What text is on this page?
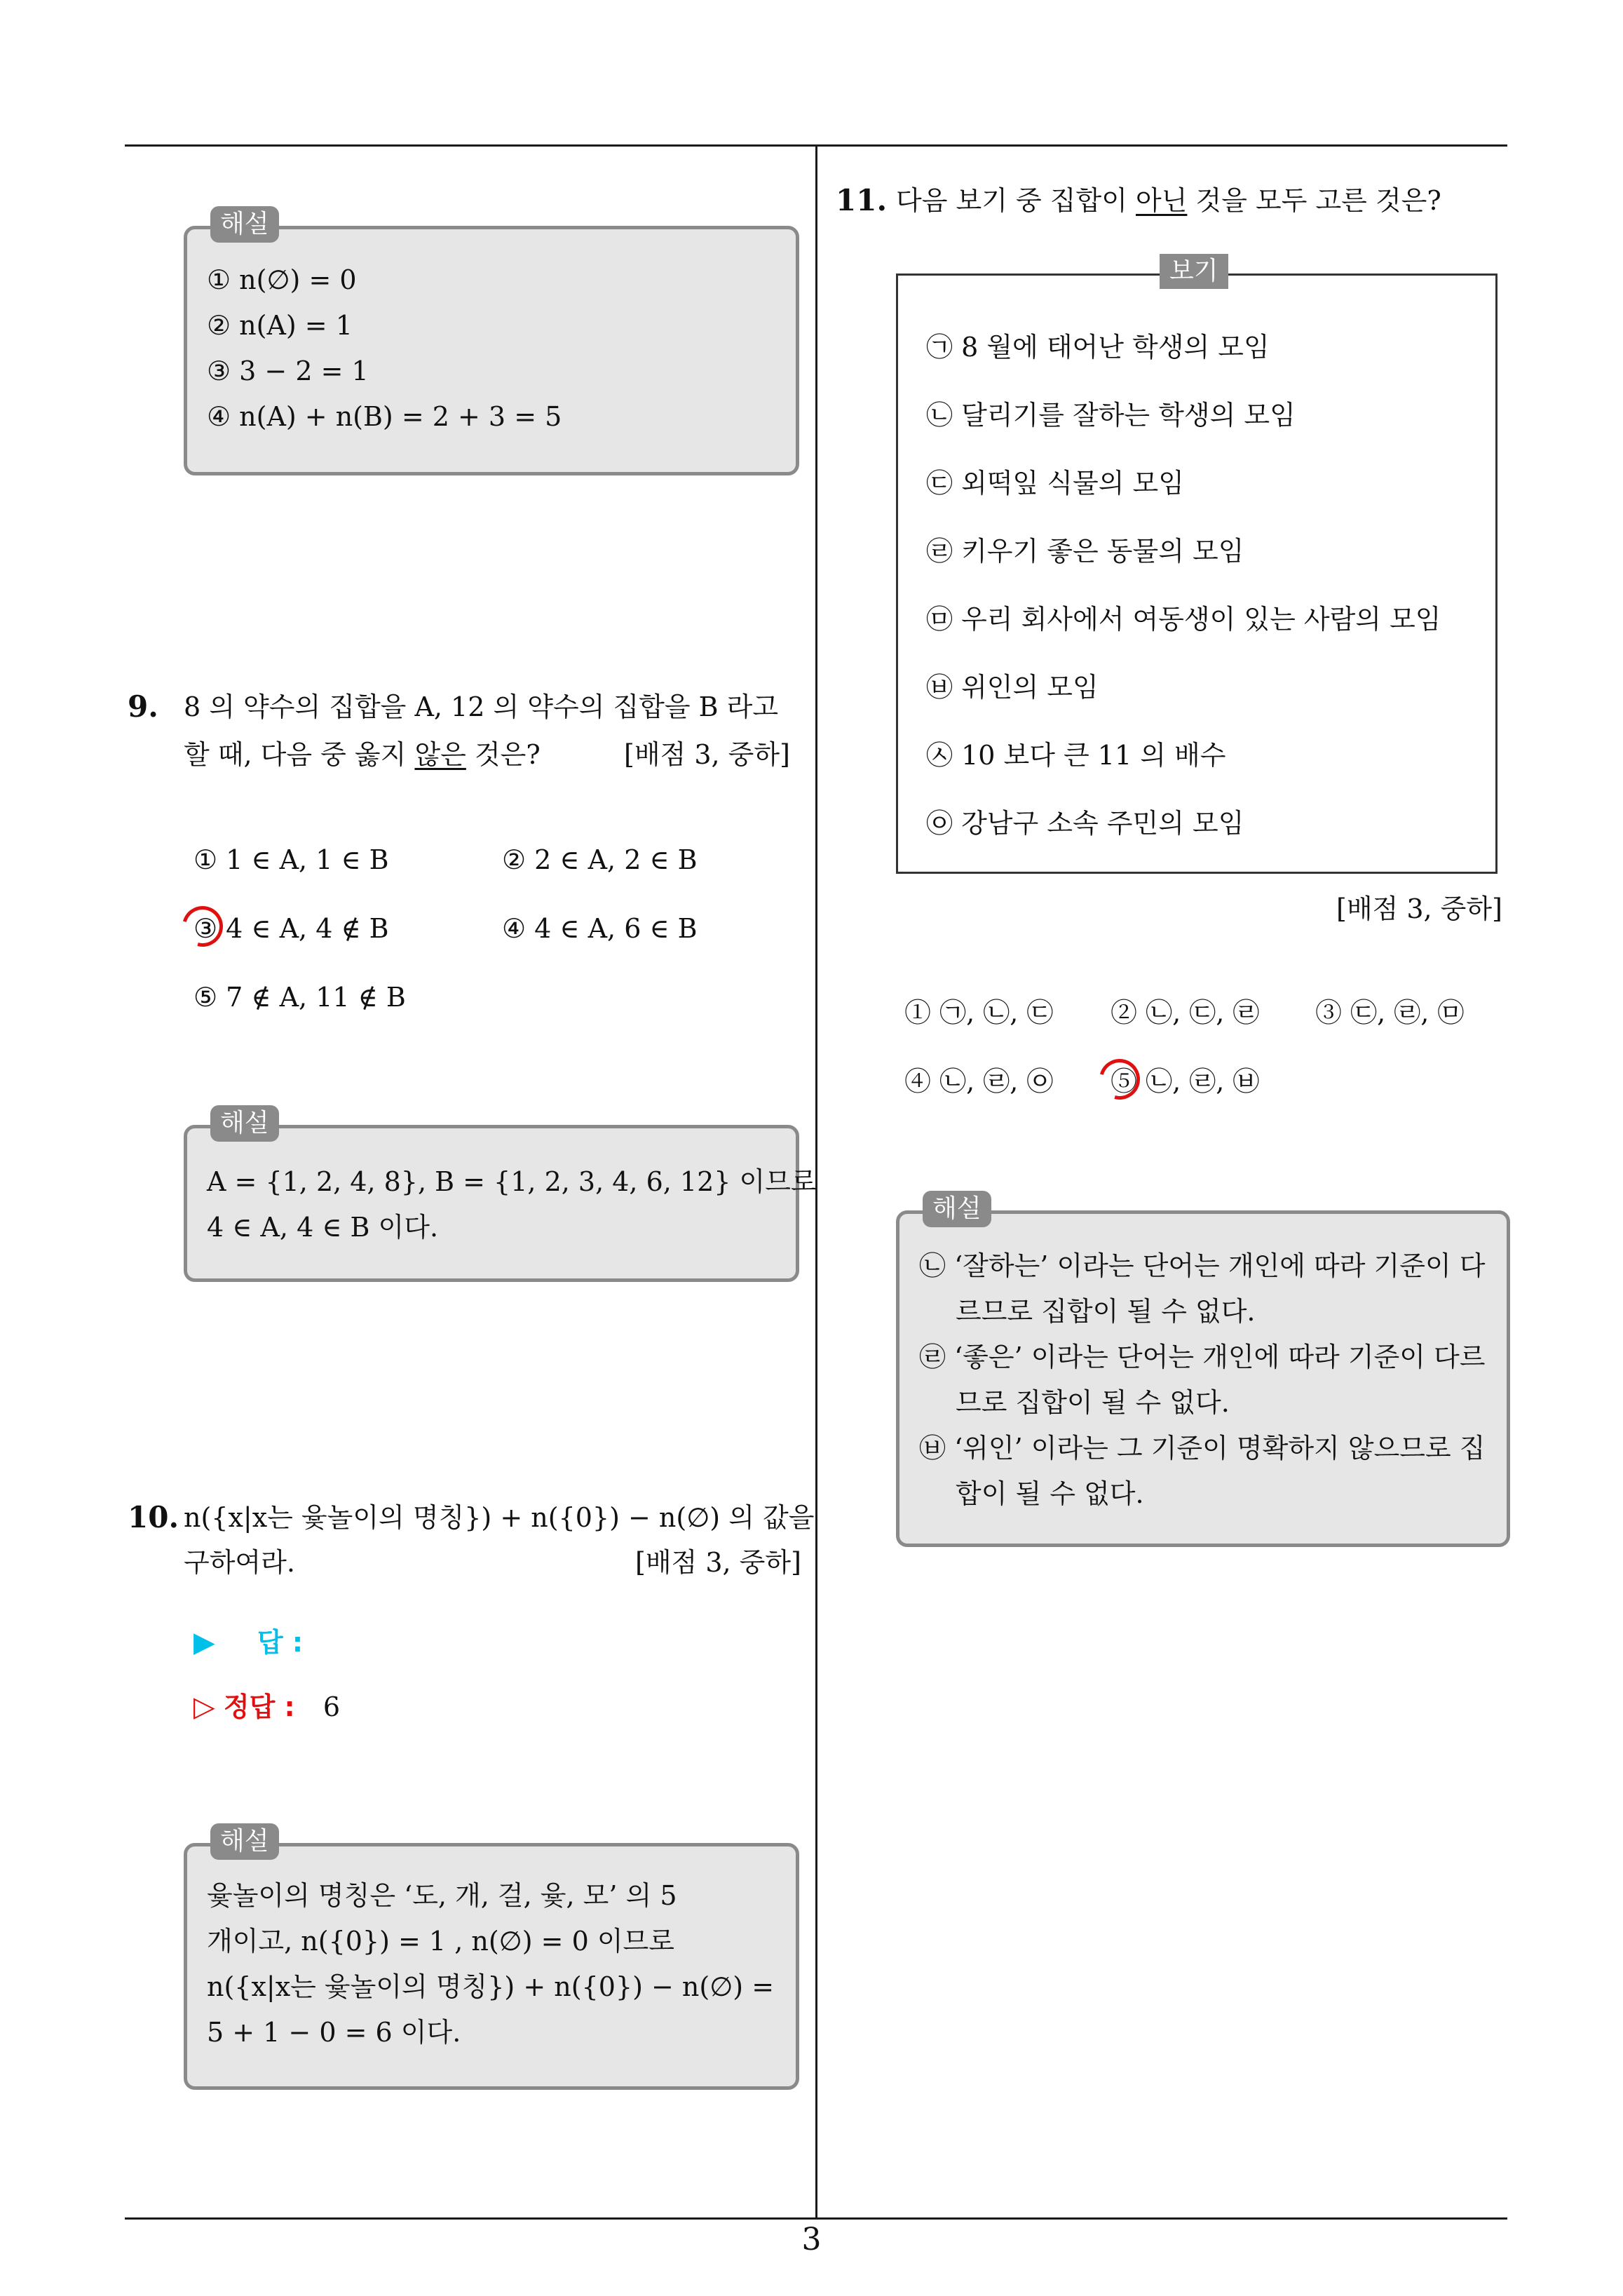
① n(∅) = 0
② n(A) = 1
③ 3 − 2 = 1
④ n(A) + n(B) = 2 + 3 = 5
해설
9. 8 의 약수의 집합을 A, 12 의 약수의 집합을 B 라고
할 때, 다음 중 옳지 않은 것은?	[배점 3, 중하]
① 1 ∈ A, 1 ∈ B	② 2 ∈ A, 2 ∈ B
③ 4 ∈ A, 4 ∉ B	④ 4 ∈ A, 6 ∈ B
⑤ 7 ∉ A, 11 ∉ B
A = {1, 2, 4, 8}, B = {1, 2, 3, 4, 6, 12} 이므로
4 ∈ A, 4 ∈ B 이다.
해설
10. n({x|x는 윷놀이의 명칭}) + n({0}) − n(∅) 의 값을
구하여라.	[배점 3, 중하]
▶ 답 :
▷ 정답 : 6
윷놀이의 명칭은 ‘도, 개, 걸, 윷, 모’ 의 5
개이고, n({0}) = 1 , n(∅) = 0 이므로
n({x|x는 윷놀이의 명칭}) + n({0}) − n(∅) =
5 + 1 − 0 = 6 이다.
해설
11. 다음 보기 중 집합이 아닌 것을 모두 고른 것은?
㉠ 8 월에 태어난 학생의 모임
㉡ 달리기를 잘하는 학생의 모임
㉢ 외떡잎 식물의 모임
㉣ 키우기 좋은 동물의 모임
㉤ 우리 회사에서 여동생이 있는 사람의 모임
㉥ 위인의 모임
㉦ 10 보다 큰 11 의 배수
㉧ 강남구 소속 주민의 모임
보기
[배점 3, 중하]
① ㉠, ㉡, ㉢ ② ㉡, ㉢, ㉣ ③ ㉢, ㉣, ㉤
④ ㉡, ㉣, ㉧ ⑤ ㉡, ㉣, ㉥
㉡ ‘잘하는’ 이라는 단어는 개인에 따라 기준이 다
르므로 집합이 될 수 없다.
㉣ ‘좋은’ 이라는 단어는 개인에 따라 기준이 다르
므로 집합이 될 수 없다.
㉥ ‘위인’ 이라는 그 기준이 명확하지 않으므로 집
합이 될 수 없다.
해설
3
